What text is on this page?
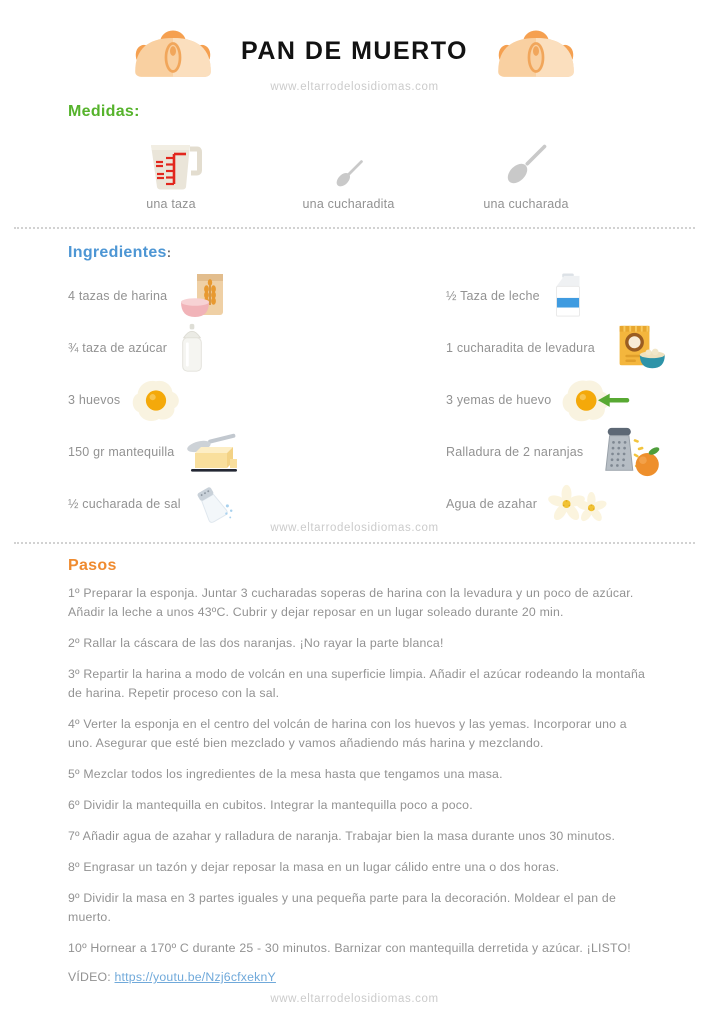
PAN DE MUERTO
www.eltarrodelosidiomas.com
Medidas:
una taza	una cucharadita	una cucharada
Ingredientes:
4 tazas de harina
¾ taza de azúcar
3 huevos
150 gr mantequilla
½ cucharada de sal
½ Taza de leche
1 cucharadita de levadura
3 yemas de huevo
Ralladura de 2 naranjas
Agua de azahar
www.eltarrodelosidiomas.com
Pasos

1º Preparar la esponja. Juntar 3 cucharadas soperas de harina con la levadura y un poco de azúcar. Añadir la leche a unos 43ºC. Cubrir y dejar reposar en un lugar soleado durante 20 min.

2º Rallar la cáscara de las dos naranjas. ¡No rayar la parte blanca!

3º Repartir la harina a modo de volcán en una superficie limpia. Añadir el azúcar rodeando la montaña de harina. Repetir proceso con la sal.

4º Verter la esponja en el centro del volcán de harina con los huevos y las yemas. Incorporar uno a uno. Asegurar que esté bien mezclado y vamos añadiendo más harina y mezclando.

5º Mezclar todos los ingredientes de la mesa hasta que tengamos una masa.

6º Dividir la mantequilla en cubitos. Integrar la mantequilla poco a poco.

7º Añadir agua de azahar y ralladura de naranja. Trabajar bien la masa durante unos 30 minutos.

8º Engrasar un tazón y dejar reposar la masa en un lugar cálido entre una o dos horas.

9º Dividir la masa en 3 partes iguales y una pequeña parte para la decoración. Moldear el pan de muerto.

10º Hornear a 170º C durante 25 - 30 minutos. Barnizar con mantequilla derretida y azúcar. ¡LISTO!

VÍDEO: https://youtu.be/Nzj6cfxeknY
www.eltarrodelosidiomas.com
